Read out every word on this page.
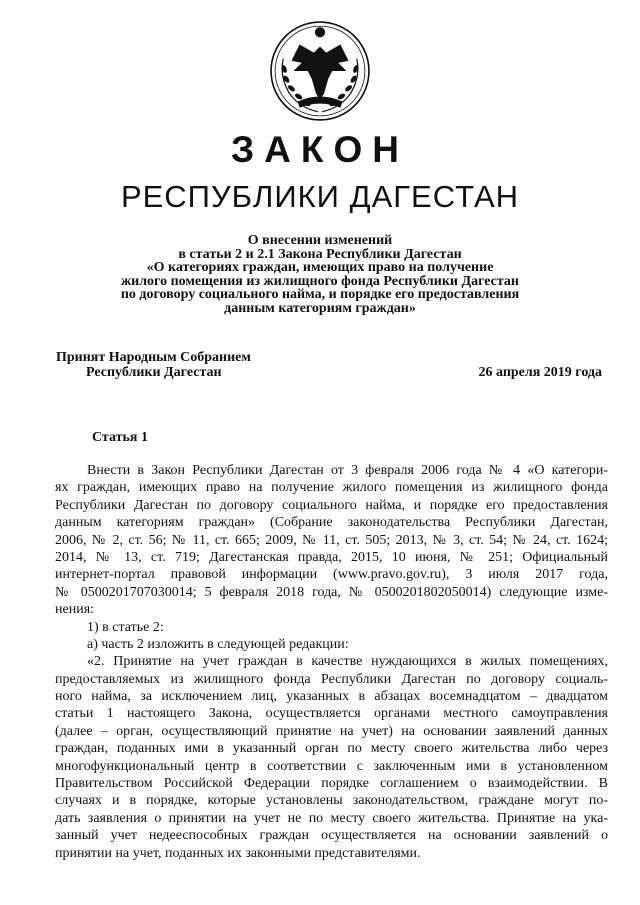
ЗАКОН
РЕСПУБЛИКИ ДАГЕСТАН
О внесении изменений
в статьи 2 и 2.1 Закона Республики Дагестан
«О категориях граждан, имеющих право на получение
жилого помещения из жилищного фонда Республики Дагестан
по договору социального найма, и порядке его предоставления
данным категориям граждан»
Принят Народным Собранием
Республики Дагестан	26 апреля 2019 года
Статья 1
Внести в Закон Республики Дагестан от 3 февраля 2006 года № 4 «О категори-
ях граждан, имеющих право на получение жилого помещения из жилищного фонда
Республики Дагестан по договору социального найма, и порядке его предоставления
данным категориям граждан» (Собрание законодательства Республики Дагестан,
2006, № 2, ст. 56; № 11, ст. 665; 2009, № 11, ст. 505; 2013, № 3, ст. 54; № 24, ст. 1624;
2014, № 13, ст. 719; Дагестанская правда, 2015, 10 июня, № 251; Официальный
интернет-портал правовой информации (www.pravo.gov.ru), 3 июля 2017 года,
№ 0500201707030014; 5 февраля 2018 года, № 0500201802050014) следующие изме-
нения:
1) в статье 2:
а) часть 2 изложить в следующей редакции:
«2. Принятие на учет граждан в качестве нуждающихся в жилых помещениях,
предоставляемых из жилищного фонда Республики Дагестан по договору социаль-
ного найма, за исключением лиц, указанных в абзацах восемнадцатом – двадцатом
статьи 1 настоящего Закона, осуществляется органами местного самоуправления
(далее – орган, осуществляющий принятие на учет) на основании заявлений данных
граждан, поданных ими в указанный орган по месту своего жительства либо через
многофункциональный центр в соответствии с заключенным ими в установленном
Правительством Российской Федерации порядке соглашением о взаимодействии. В
случаях и в порядке, которые установлены законодательством, граждане могут по-
дать заявления о принятии на учет не по месту своего жительства. Принятие на ука-
занный учет недееспособных граждан осуществляется на основании заявлений о
принятии на учет, поданных их законными представителями.
